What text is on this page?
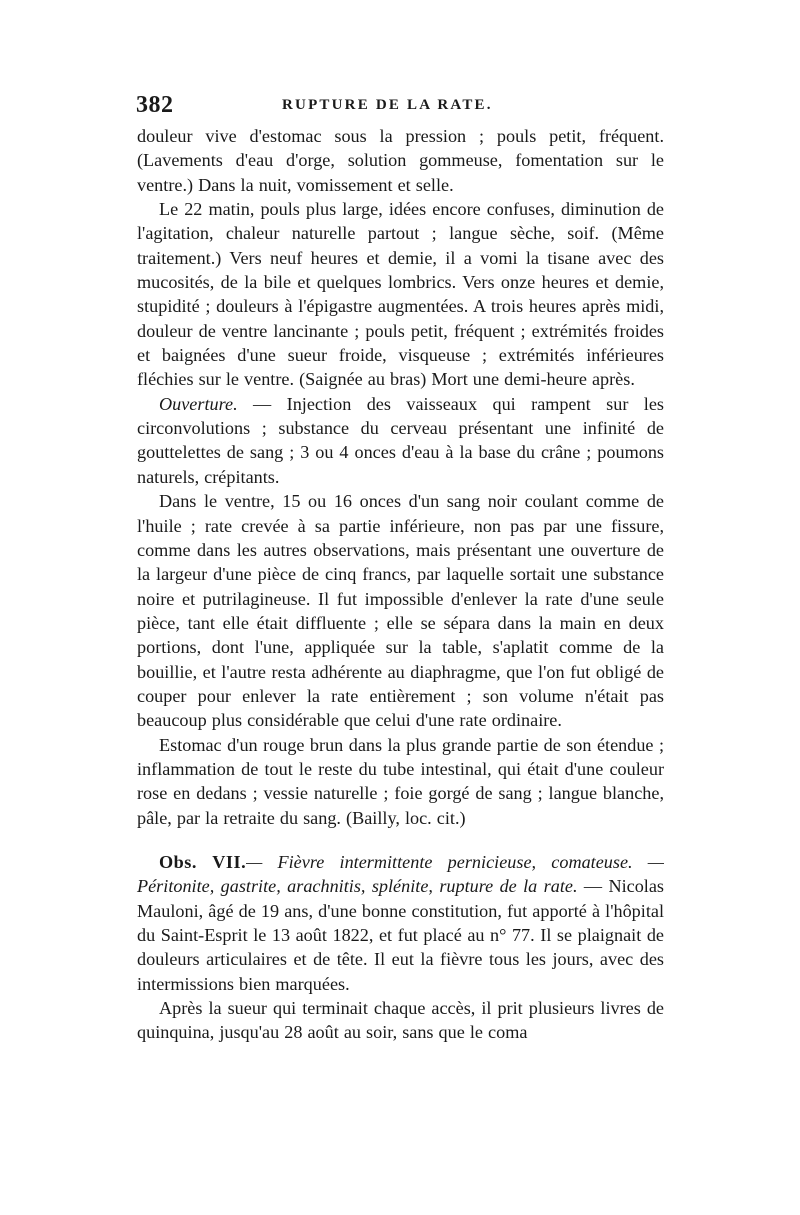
382	RUPTURE DE LA RATE.

douleur vive d'estomac sous la pression ; pouls petit, fréquent. (Lavements d'eau d'orge, solution gommeuse, fomentation sur le ventre.) Dans la nuit, vomissement et selle.

Le 22 matin, pouls plus large, idées encore confuses, diminution de l'agitation, chaleur naturelle partout ; langue sèche, soif. (Même traitement.) Vers neuf heures et demie, il a vomi la tisane avec des mucosités, de la bile et quelques lombrics. Vers onze heures et demie, stupidité ; douleurs à l'épigastre augmentées. A trois heures après midi, douleur de ventre lancinante ; pouls petit, fréquent ; extrémités froides et baignées d'une sueur froide, visqueuse ; extrémités inférieures fléchies sur le ventre. (Saignée au bras) Mort une demi-heure après.

Ouverture. — Injection des vaisseaux qui rampent sur les circonvolutions ; substance du cerveau présentant une infinité de gouttelettes de sang ; 3 ou 4 onces d'eau à la base du crâne ; poumons naturels, crépitants.

Dans le ventre, 15 ou 16 onces d'un sang noir coulant comme de l'huile ; rate crevée à sa partie inférieure, non pas par une fissure, comme dans les autres observations, mais présentant une ouverture de la largeur d'une pièce de cinq francs, par laquelle sortait une substance noire et putrilagineuse. Il fut impossible d'enlever la rate d'une seule pièce, tant elle était diffluente ; elle se sépara dans la main en deux portions, dont l'une, appliquée sur la table, s'aplatit comme de la bouillie, et l'autre resta adhérente au diaphragme, que l'on fut obligé de couper pour enlever la rate entièrement ; son volume n'était pas beaucoup plus considérable que celui d'une rate ordinaire.

Estomac d'un rouge brun dans la plus grande partie de son étendue ; inflammation de tout le reste du tube intestinal, qui était d'une couleur rose en dedans ; vessie naturelle ; foie gorgé de sang ; langue blanche, pâle, par la retraite du sang. (Bailly, loc. cit.)

Obs. VII.— Fièvre intermittente pernicieuse, comateuse. — Péritonite, gastrite, arachnitis, splénite, rupture de la rate. — Nicolas Mauloni, âgé de 19 ans, d'une bonne constitution, fut apporté à l'hôpital du Saint-Esprit le 13 août 1822, et fut placé au n° 77. Il se plaignait de douleurs articulaires et de tête. Il eut la fièvre tous les jours, avec des intermissions bien marquées.

Après la sueur qui terminait chaque accès, il prit plusieurs livres de quinquina, jusqu'au 28 août au soir, sans que le coma
